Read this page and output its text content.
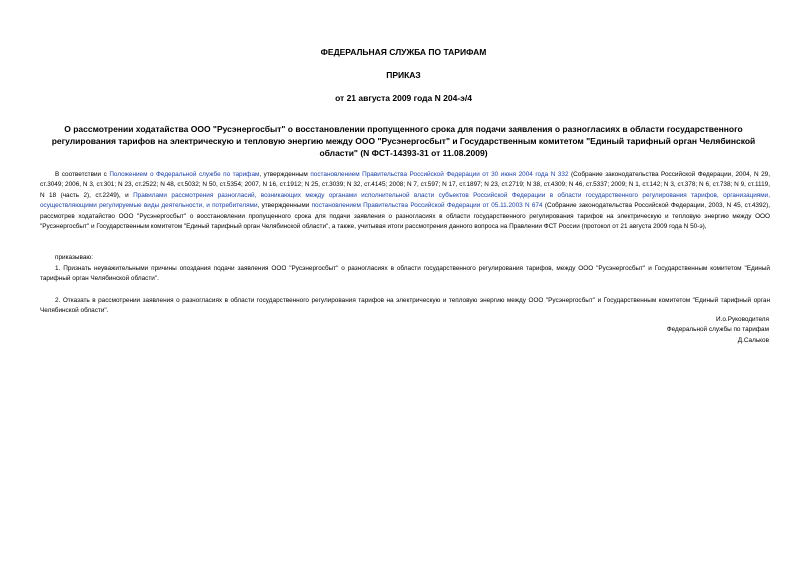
ФЕДЕРАЛЬНАЯ СЛУЖБА ПО ТАРИФАМ
ПРИКАЗ
от 21 августа 2009 года N 204-э/4
О рассмотрении ходатайства ООО "Русэнергосбыт" о восстановлении пропущенного срока для подачи заявления о разногласиях в области государственного регулирования тарифов на электрическую и тепловую энергию между ООО "Русэнергосбыт" и Государственным комитетом "Единый тарифный орган Челябинской области" (N ФСТ-14393-31 от 11.08.2009)
В соответствии с Положением о Федеральной службе по тарифам, утвержденным постановлением Правительства Российской Федерации от 30 июня 2004 года N 332 (Собрание законодательства Российской Федерации, 2004, N 29, ст.3049; 2006, N 3, ст.301; N 23, ст.2522; N 48, ст.5032; N 50, ст.5354; 2007, N 16, ст.1912; N 25, ст.3039; N 32, ст.4145; 2008; N 7, ст.597; N 17, ст.1897; N 23, ст.2719; N 38, ст.4309; N 46, ст.5337; 2009; N 1, ст.142; N 3, ст.378; N 6, ст.738; N 9, ст.1119, N 18 (часть 2), ст.2249), и Правилами рассмотрения разногласий, возникающих между органами исполнительной власти субъектов Российской Федерации в области государственного регулирования тарифов, организациями, осуществляющими регулируемые виды деятельности, и потребителями, утвержденными постановлением Правительства Российской Федерации от 05.11.2003 N 674 (Собрание законодательства Российской Федерации, 2003, N 45, ст.4392), рассмотрев ходатайство ООО "Русэнергосбыт" о восстановлении пропущенного срока для подачи заявления о разногласиях в области государственного регулирования тарифов на электрическую и тепловую энергию между ООО "Русэнергосбыт" и Государственным комитетом "Единый тарифный орган Челябинской области", а также, учитывая итоги рассмотрения данного вопроса на Правлении ФСТ России (протокол от 21 августа 2009 года N 50-э),
приказываю:
1. Признать неуважительными причины опоздания подачи заявления ООО "Русэнергосбыт" о разногласиях в области государственного регулирования тарифов, между ООО "Русэнергосбыт" и Государственным комитетом "Единый тарифный орган Челябинской области".
2. Отказать в рассмотрении заявления о разногласиях в области государственного регулирования тарифов на электрическую и тепловую энергию между ООО "Русэнергосбыт" и Государственным комитетом "Единый тарифный орган Челябинской области".
И.о.Руководителя
Федеральной службы по тарифам
Д.Сальков
